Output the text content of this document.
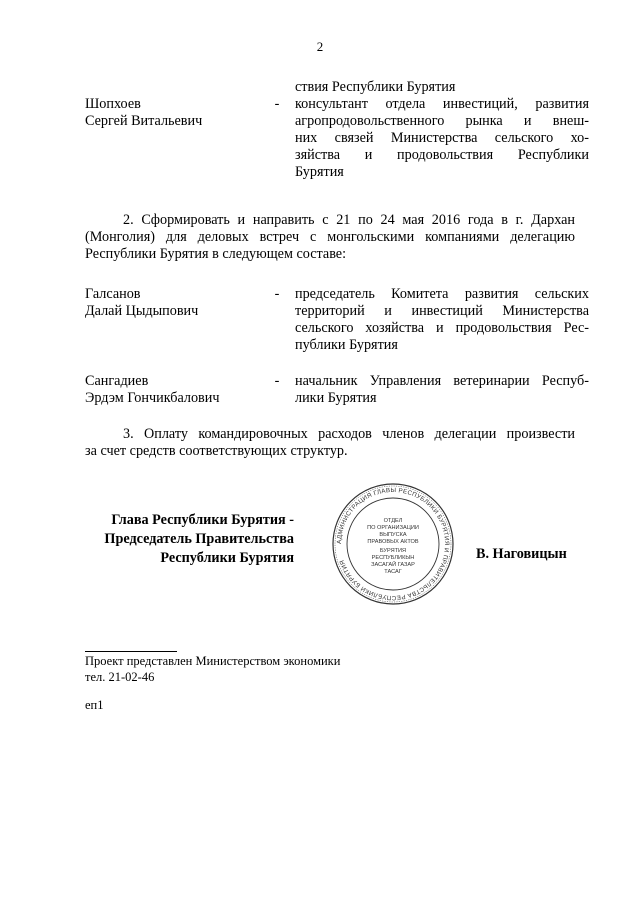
2
ствия Республики Бурятия
Шопхоев
Сергей Витальевич
-	консультант отдела инвестиций, развития
агропродовольственного рынка и внеш-
них связей Министерства сельского хо-
зяйства и продовольствия Республики
Бурятия
2. Сформировать и направить с 21 по 24 мая 2016 года в г. Дархан
(Монголия) для деловых встреч с монгольскими компаниями делегацию
Республики Бурятия в следующем составе:
Галсанов
Далай Цыдыпович
-	председатель Комитета развития сельских
территорий и инвестиций Министерства
сельского хозяйства и продовольствия Рес-
публики Бурятия
Сангадиев
Эрдэм Гончикбалович
-	начальник Управления ветеринарии Респуб-
лики Бурятия
3. Оплату командировочных расходов членов делегации произвести
за счет средств соответствующих структур.
Глава Республики Бурятия -
Председатель Правительства
Республики Бурятия
АДМИНИСТРАЦИЯ ГЛАВЫ РЕСПУБЛИКИ БУРЯТИЯ И ПРАВИТЕЛЬСТВА РЕСПУБЛИКИ БУРЯТИЯ
ОТДЕЛ
ПО ОРГАНИЗАЦИИ
ВЫПУСКА
ПРАВОВЫХ АКТОВ
БУРЯТИЯ
РЕСПУБЛИКЫН
ЗАСАГАЙ ГАЗАР
ТАСАГ
В. Наговицын
Проект представлен Министерством экономики
тел. 21-02-46
еп1
